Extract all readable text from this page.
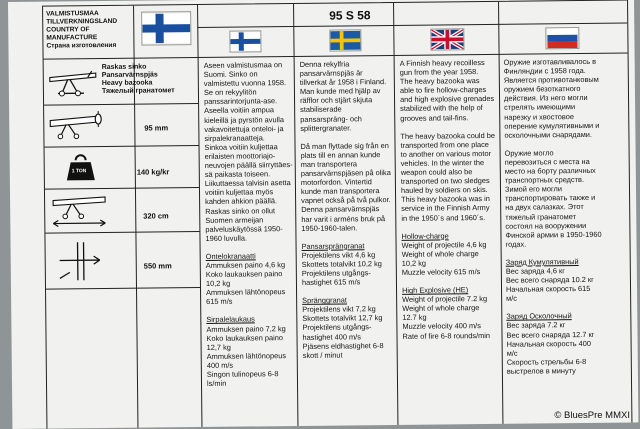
VALMISTUSMAA
TILLVERKNINGSLAND
COUNTRY OF
MANUFACTURE
Страна изготовления
95 S 58
Raskas sinko
Pansarvärnspjäs
Heavy bazooka
Тяжелый гранатомет
95 mm
1 TON	140 kg/kr
320 cm
550 mm
Aseen valmistusmaa on
Suomi. Sinko on
valmistettu vuonna 1958.
Se on rekyylitön
panssarintorjunta-ase.
Aseella voitiin ampua
kieleillä ja pyrstön avulla
vakavoitettuja onteloi- ja
sirpalekranaatteja.
Sinkoa voitiin kuljettaa
erilaisten moottoriajo-
neuvojen päällä siirryttäes-
sä paikasta toiseen.
Liikuttaessa talvisin asetta
voitiin kuljettaa myös
kahden ahkion päällä.
Raskas sinko on ollut
Suomen armeijan
palveluskäytössä 1950-
1960 luvulla.

Ontelokranaatti

Ammuksen paino 4,6 kg
Koko laukauksen paino
10,2 kg
Ammuksen lähtönopeus
615 m/s

Sirpalelaukaus

Ammuksen paino 7,2 kg
Koko laukauksen paino
12,7 kg
Ammuksen lähtönopeus
400 m/s
Singon tulinopeus 6-8
ls/min
Denna rekylfria
pansarvärnspjäs är
tillverkat år 1958 i Finland.
Man kunde med hjälp av
räfflor och stjärt skjuta
stabiliserade
pansarspräng- och
splittergranater.
Då man flyttade sig från en
plats till en annan kunde
man transportera
pansarvärnspjäsen på olika
motorfordon. Vintertid
kunde man transportera
vapnet också på två pulkor.
Denna pansarvärnspjäs
har varit i arméns bruk på
1950-1960-talen.

Pansarsprängranat

Projektilens vikt 4,6 kg
Skottets totalvikt 10,2 kg
Projektilens utgångs-
hastighet 615 m/s

Spränggranat

Projektilens vikt 7,2 kg
Skottets totalvikt 12,7 kg
Projektilens utgångs-
hastighet 400 m/s
Pjäsens eldhastighet 6-8
skott / minut
A Finnish heavy recoilless
gun from the year 1958.
The heavy bazooka was
able to fire hollow-charges
and high explosive grenades
stabilized with the help of
grooves and tail-fins.
The heavy bazooka could be
transported from one place
to another on various motor
vehicles. In the winter the
weapon could also be
transported on two sledges
hauled by soldiers on skis.
This heavy bazooka was in
service in the Finnish Army
in the 1950´s and 1960´s.

Hollow-charge

Weight of projectile 4,6 kg
Weight of whole charge
10,2 kg
Muzzle velocity 615 m/s

High Explosive (HE)

Weight of projectile 7.2 kg
Weight of whole charge
12.7 kg
Muzzle velocity 400 m/s
Rate of fire 6-8 rounds/min
Оружие изготавливалось в
Финляндии с 1958 года.
Является противотанковым
оружием безоткатного
действия. Из него могли
стрелять имеющими
нарезку и хвостовое
оперение кумулятивными и
осколочными снарядами.
Оружие могло
перевозиться с места на
место на борту различных
транспортных средств.
Зимой его могли
транспортировать также и
на двух салазках. Этот
тяжелый гранатомет
состоял на вооружении
Финской армии в 1950-1960
годах.

Заряд Кумулятивный

Вес заряда 4,6 кг
Вес всего снаряда 10.2 кг
Начальная скорость 615
м/с

Заряд Осколочный

Вес заряда 7.2 кг
Вес всего снаряда 12.7 кг
Начальная скорость 400
м/с
Скорость стрельбы 6-8
выстрелов в минуту
© BluesPre MMXI
